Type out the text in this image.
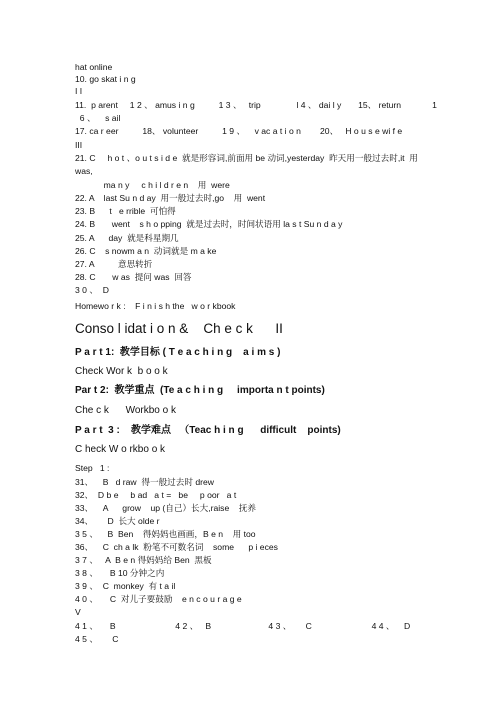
hat online
10. go skat i n g
I I
11.  p arent     1 2 、 amus i n g          1 3 、   trip               l 4 、 dai l y       15、 return             1
6 、    s ail
17. ca r eer          18、 volunteer          1 9 、    v ac a t i o n        20、   H o u s e wi f e
III
21. C     h o t 、o u t s i d e  就是形容词,前面用 be 动词,yesterday  昨天用一般过去时,it  用
was,
ma n y     c h i l d r e n    用  were
22. A    last Su n d ay  用一般过去时,go    用  went
23. B      t   e rrible  可怕得
24. B       went    s h o pping  就是过去时，时间状语用 la s t Su n d a y
25. A      day  就是科星期几
26. C    s nowm a n  动词就是 m a ke
27. A          意思转折
28. C       w as  提问 was  回答
3 0 、  D
Homewo r k :    F i n i s h the   w o r kbook
Conso l idat i o n &    Ch e c k      II
P a r t 1:  教学目标 ( T e a c h i n g    a i m s )
Check Wor k  b o o k
Par t 2:  教学重点  (Te a c h i n g     importa n t points)
Che c k      Workbo o k
P a r t  3 :    教学难点   （Teac h i n g      difficult    points)
C heck W o rkbo o k
Step   1 :
31、    B   d raw  得一般过去时 drew
32、  D b e     b ad   a t =   be     p oor   a t
33、    A      grow    up (自己）长大,raise    抚养
34、      D  长大 olde r
3 5 、    B  Ben    得妈妈也画画，B e n    用 too
36、    C  ch a lk  粉笔不可数名词    some      p i eces
3 7 、   A  B e n 得妈妈给 Ben  黑板
3 8 、     B 10 分钟之内
3 9 、  C  monkey  有 t a il
4 0 、     C  对儿子要鼓励    e n c o u r a g e
V
4 1 、     B                         4 2 、   B                        4 3 、      C                         4 4 、    D
4 5 、      C
